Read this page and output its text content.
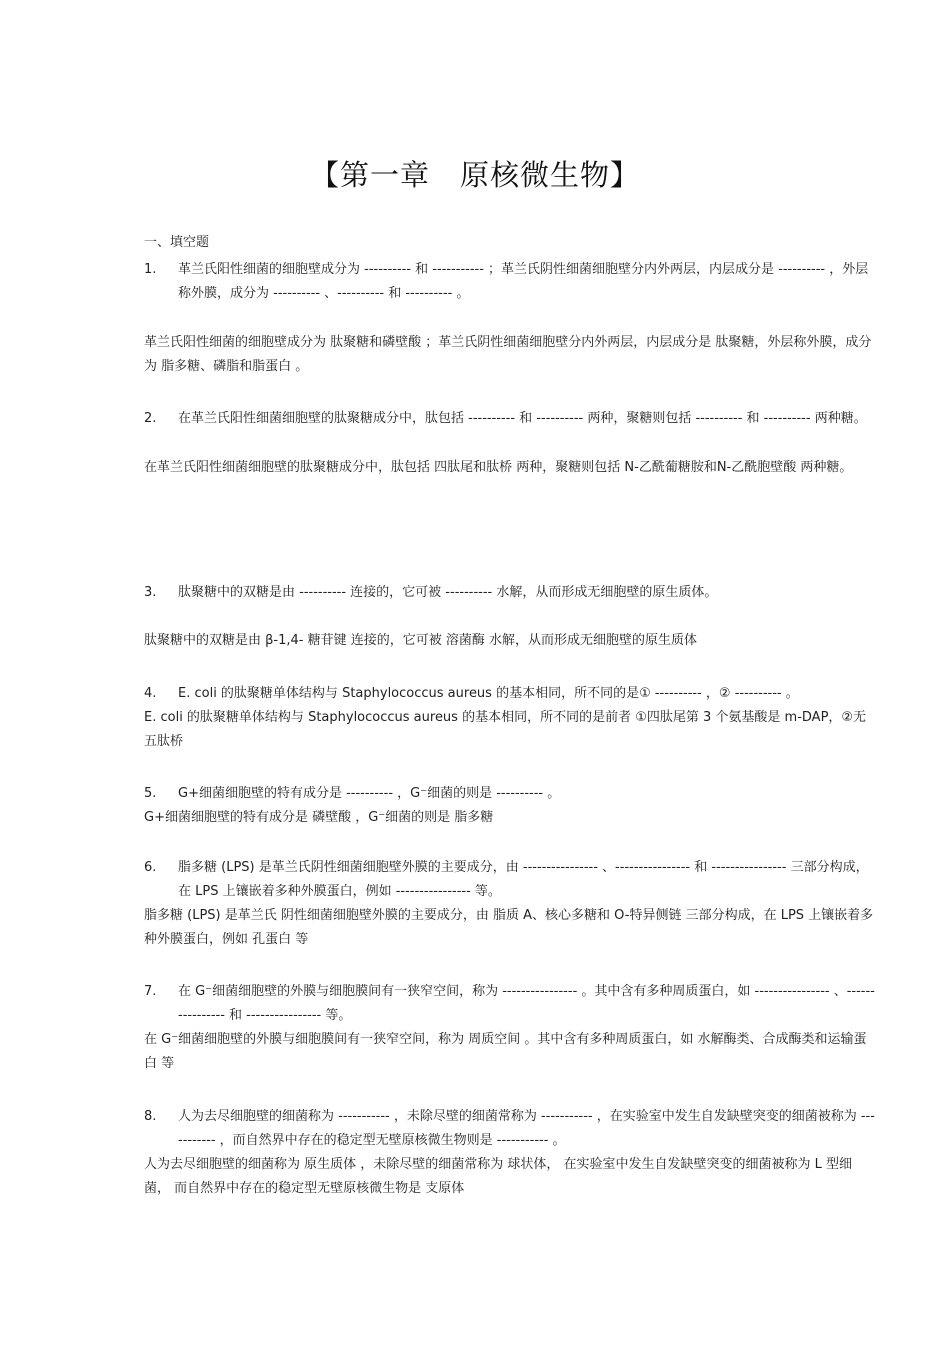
【第一章　原核微生物】
一、填空题
1. 革兰氏阳性细菌的细胞壁成分为 ---------- 和 ----------- ；革兰氏阴性细菌细胞壁分内外两层，内层成分是 ---------- ，外层称外膜，成分为 ---------- 、---------- 和 ---------- 。

革兰氏阳性细菌的细胞壁成分为 肽聚糖和磷壁酸 ；革兰氏阴性细菌细胞壁分内外两层，内层成分是 肽聚糖，外层称外膜，成分为 脂多糖、磷脂和脂蛋白 。

2. 在革兰氏阳性细菌细胞壁的肽聚糖成分中，肽包括 ---------- 和 ---------- 两种，聚糖则包括 ---------- 和 ---------- 两种糖。

在革兰氏阳性细菌细胞壁的肽聚糖成分中，肽包括 四肽尾和肽桥 两种，聚糖则包括 N-乙酰葡糖胺和N-乙酰胞壁酸 两种糖。

3. 肽聚糖中的双糖是由 ---------- 连接的，它可被 ---------- 水解，从而形成无细胞壁的原生质体。

肽聚糖中的双糖是由 β-1,4- 糖苷键 连接的，它可被 溶菌酶 水解，从而形成无细胞壁的原生质体

4. E. coli 的肽聚糖单体结构与 Staphylococcus aureus 的基本相同，所不同的是① ---------- ，② ---------- 。

E. coli 的肽聚糖单体结构与 Staphylococcus aureus 的基本相同，所不同的是前者 ①四肽尾第 3 个氨基酸是 m-DAP，②无五肽桥

5. G+细菌细胞壁的特有成分是 ---------- ，G⁻细菌的则是 ---------- 。

G+细菌细胞壁的特有成分是 磷壁酸 ，G⁻细菌的则是 脂多糖

6. 脂多糖 (LPS) 是革兰氏阴性细菌细胞壁外膜的主要成分，由 ---------------- 、---------------- 和 ---------------- 三部分构成，在 LPS 上镶嵌着多种外膜蛋白，例如 ---------------- 等。

脂多糖 (LPS) 是革兰氏 阴性细菌细胞壁外膜的主要成分，由 脂质 A、核心多糖和 O-特异侧链 三部分构成，在 LPS 上镶嵌着多种外膜蛋白，例如 孔蛋白 等

7. 在 G⁻细菌细胞壁的外膜与细胞膜间有一狭窄空间，称为 ---------------- 。其中含有多种周质蛋白，如 ---------------- 、---------------- 和 ---------------- 等。

在 G⁻细菌细胞壁的外膜与细胞膜间有一狭窄空间，称为 周质空间 。其中含有多种周质蛋白，如 水解酶类、合成酶类和运输蛋白 等

8. 人为去尽细胞壁的细菌称为 ----------- ，未除尽壁的细菌常称为 ----------- ，在实验室中发生自发缺壁突变的细菌被称为 ----------- ，而自然界中存在的稳定型无壁原核微生物则是 ----------- 。

人为去尽细胞壁的细菌称为 原生质体 ，未除尽壁的细菌常称为 球状体， 在实验室中发生自发缺壁突变的细菌被称为 L 型细菌， 而自然界中存在的稳定型无壁原核微生物是 支原体
